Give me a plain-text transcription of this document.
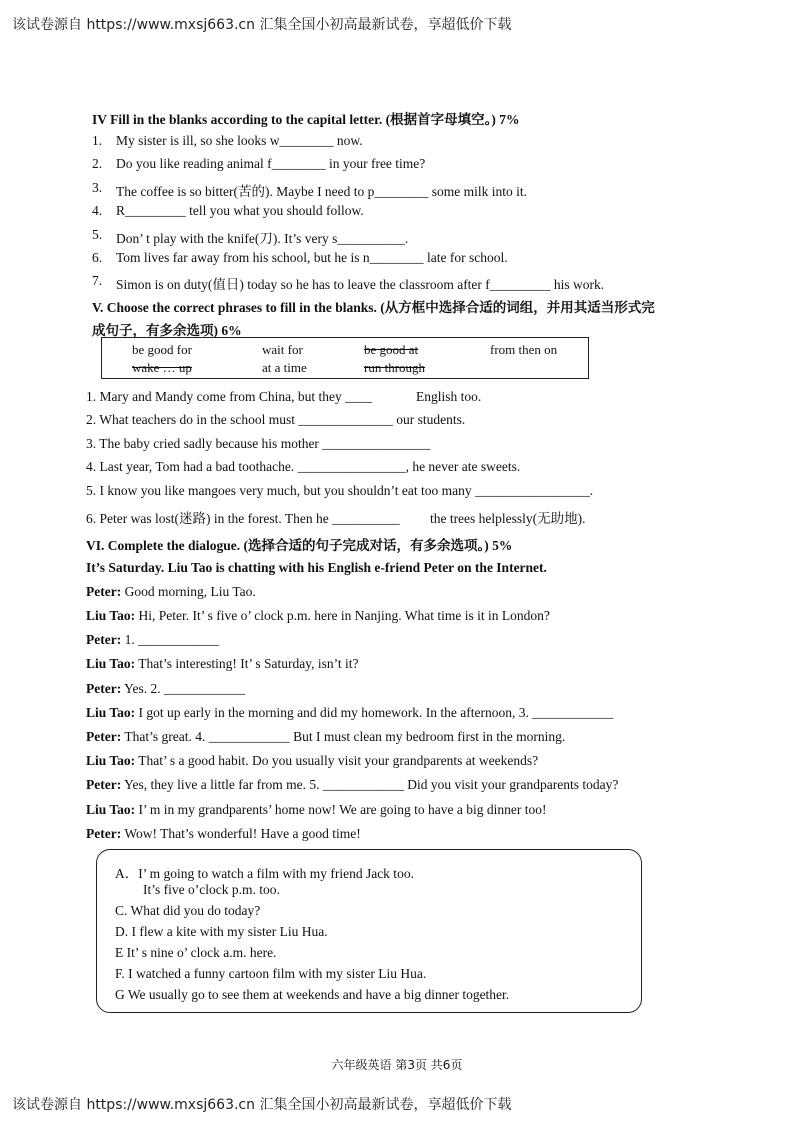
该试卷源自 https://www.mxsj663.cn 汇集全国小初高最新试卷，享超低价下载
IV Fill in the blanks according to the capital letter. (根据首字母填空。) 7%
1. My sister is ill, so she looks w________ now.
2. Do you like reading animal f________ in your free time?
3. The coffee is so bitter(苦的). Maybe I need to p________ some milk into it.
4. R_________ tell you what you should follow.
5. Don’ t play with the knife(刀). It’s very s__________.
6. Tom lives far away from his school, but he is n________ late for school.
7. Simon is on duty(值日) today so he has to leave the classroom after f_________ his work.
V. Choose the correct phrases to fill in the blanks. (从方框中选择合适的词组，并用其适当形式完
成句子，有多余选项) 6%
be good for	wait for	be good at	from then on
wake … up	at a time	run through
1. Mary and Mandy come from China, but they ____             English too.
2. What teachers do in the school must ______________ our students.
3. The baby cried sadly because his mother ________________
4. Last year, Tom had a bad toothache. ________________, he never ate sweets.
5. I know you like mangoes very much, but you shouldn’t eat too many _________________.
6. Peter was lost(迷路) in the forest. Then he __________         the trees helplessly(无助地).
VI. Complete the dialogue. (选择合适的句子完成对话，有多余选项。) 5%
It’s Saturday. Liu Tao is chatting with his English e-friend Peter on the Internet.
Peter: Good morning, Liu Tao.
Liu Tao: Hi, Peter. It’ s five o’ clock p.m. here in Nanjing. What time is it in London?
Peter: 1. ____________
Liu Tao: That’s interesting! It’ s Saturday, isn’t it?
Peter: Yes. 2. ____________
Liu Tao: I got up early in the morning and did my homework. In the afternoon, 3. ____________
Peter: That’s great. 4. ____________ But I must clean my bedroom first in the morning.
Liu Tao: That’ s a good habit. Do you usually visit your grandparents at weekends?
Peter: Yes, they live a little far from me. 5. ____________ Did you visit your grandparents today?
Liu Tao: I’ m in my grandparents’ home now! We are going to have a big dinner too!
Peter: Wow! That’s wonderful! Have a good time!
A．I’ m going to watch a film with my friend Jack too.
It’s five o’clock p.m. too.
C. What did you do today?
D. I flew a kite with my sister Liu Hua.
E It’ s nine o’ clock a.m. here.
F. I watched a funny cartoon film with my sister Liu Hua.
G We usually go to see them at weekends and have a big dinner together.
六年级英语 第3页 共6页
该试卷源自 https://www.mxsj663.cn 汇集全国小初高最新试卷，享超低价下载
